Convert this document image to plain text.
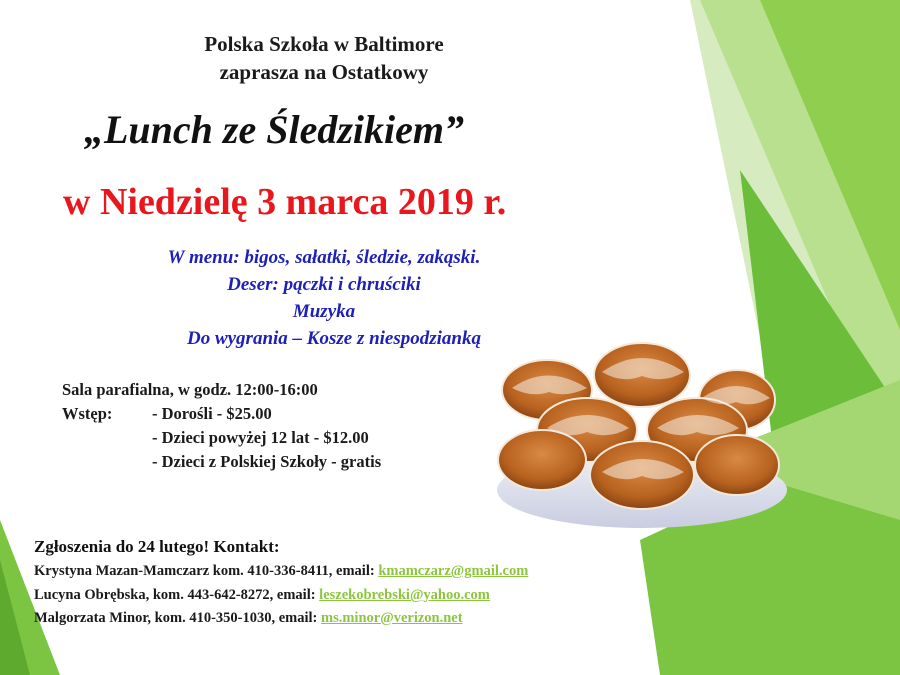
Polska Szkoła w Baltimore
zaprasza na Ostatkowy
„Lunch ze Śledzikiem”
w Niedzielę 3 marca 2019 r.
W menu: bigos, sałatki, śledzie, zakąski.
Deser: pączki i chruściki
Muzyka
Do wygrania – Kosze z niespodzianką
Sala parafialna, w godz. 12:00-16:00
Wstęp: - Dorośli - $25.00
- Dzieci powyżej 12 lat - $12.00
- Dzieci z Polskiej Szkoły - gratis
Zgłoszenia do 24 lutego! Kontakt:
Krystyna Mazan-Mamczarz kom. 410-336-8411, email: kmamczarz@gmail.com
Lucyna Obrębska, kom. 443-642-8272, email: leszekobrebski@yahoo.com
Malgorzata Minor, kom. 410-350-1030, email: ms.minor@verizon.net
